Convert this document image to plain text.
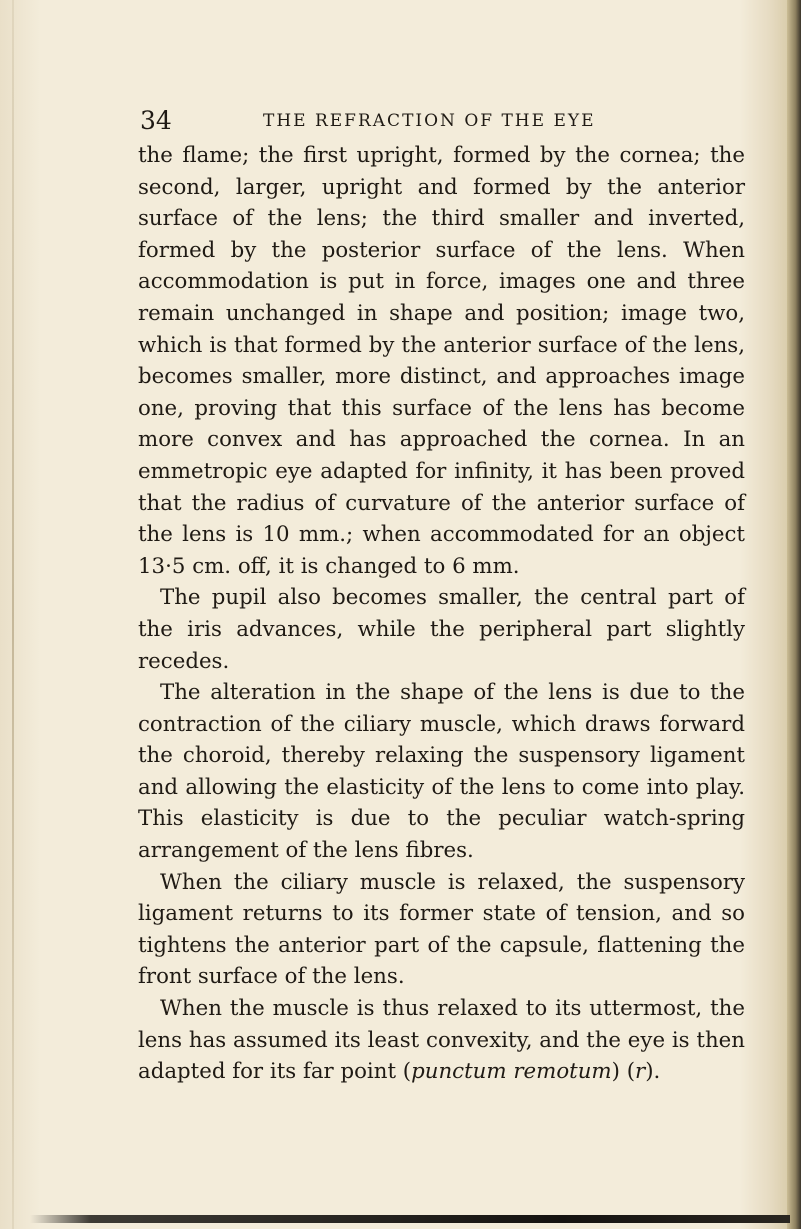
34	THE REFRACTION OF THE EYE

the flame; the first upright, formed by the cornea; the second, larger, upright and formed by the anterior surface of the lens; the third smaller and inverted, formed by the posterior surface of the lens. When accommodation is put in force, images one and three remain unchanged in shape and position; image two, which is that formed by the anterior surface of the lens, becomes smaller, more distinct, and approaches image one, proving that this surface of the lens has become more convex and has approached the cornea. In an emmetropic eye adapted for infinity, it has been proved that the radius of curvature of the anterior surface of the lens is 10 mm.; when accommodated for an object 13·5 cm. off, it is changed to 6 mm.

The pupil also becomes smaller, the central part of the iris advances, while the peripheral part slightly recedes.

The alteration in the shape of the lens is due to the contraction of the ciliary muscle, which draws forward the choroid, thereby relaxing the suspensory ligament and allowing the elasticity of the lens to come into play. This elasticity is due to the peculiar watch-spring arrangement of the lens fibres.

When the ciliary muscle is relaxed, the suspensory ligament returns to its former state of tension, and so tightens the anterior part of the capsule, flattening the front surface of the lens.

When the muscle is thus relaxed to its uttermost, the lens has assumed its least convexity, and the eye is then adapted for its far point (punctum remotum) (r).
